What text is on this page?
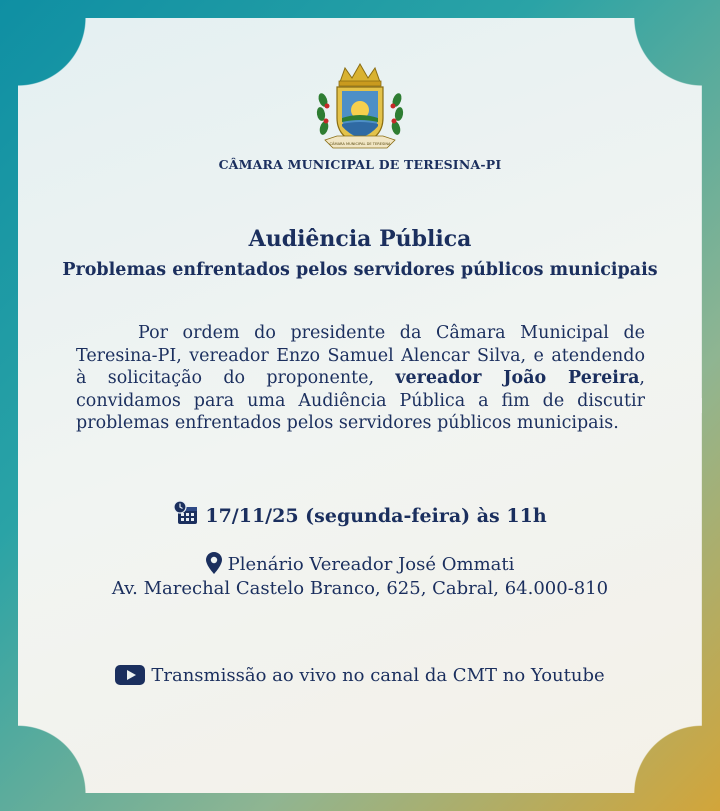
CÂMARA MUNICIPAL DE TERESINA
CÂMARA MUNICIPAL DE TERESINA-PI
Audiência Pública
Problemas enfrentados pelos servidores públicos municipais
Por ordem do presidente da Câmara Municipal de Teresina-PI, vereador Enzo Samuel Alencar Silva, e atendendo à solicitação do proponente, vereador João Pereira, convidamos para uma Audiência Pública a fim de discutir problemas enfrentados pelos servidores públicos municipais.
17/11/25 (segunda-feira) às 11h
Plenário Vereador José Ommati
Av. Marechal Castelo Branco, 625, Cabral, 64.000-810
Transmissão ao vivo no canal da CMT no Youtube
